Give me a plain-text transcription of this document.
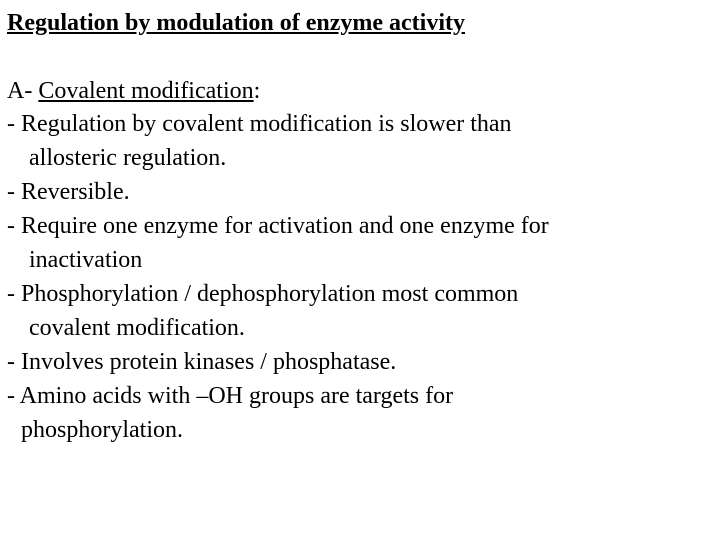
Regulation by modulation of enzyme activity
A- Covalent modification:
- Regulation by covalent modification is slower than
allosteric regulation.
- Reversible.
- Require one enzyme for activation and one enzyme for
inactivation
- Phosphorylation / dephosphorylation most common
covalent modification.
- Involves protein kinases / phosphatase.
- Amino acids with –OH groups are targets for
phosphorylation.
